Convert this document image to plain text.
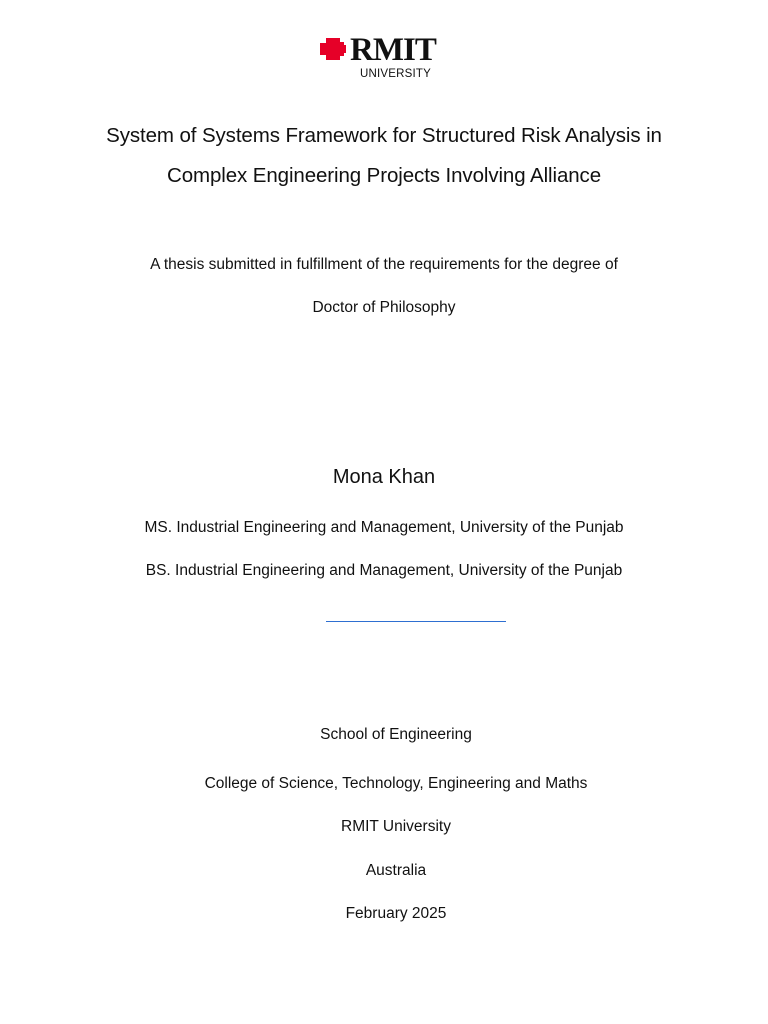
RMIT
UNIVERSITY
System of Systems Framework for Structured Risk Analysis in
Complex Engineering Projects Involving Alliance
A thesis submitted in fulfillment of the requirements for the degree of
Doctor of Philosophy
Mona Khan
MS. Industrial Engineering and Management, University of the Punjab
BS. Industrial Engineering and Management, University of the Punjab
School of Engineering
College of Science, Technology, Engineering and Maths
RMIT University
Australia
February 2025
